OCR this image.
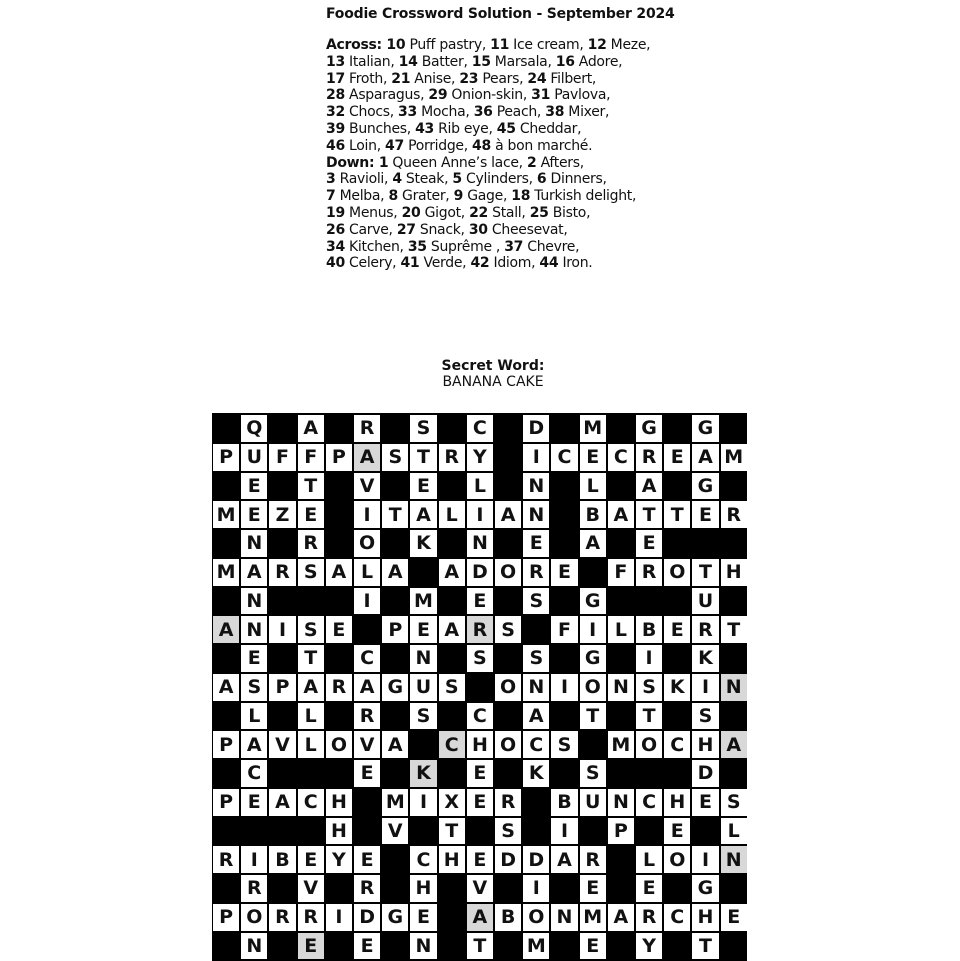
Foodie Crossword Solution - September 2024
Across: 10 Puff pastry, 11 Ice cream, 12 Meze,
13 Italian, 14 Batter, 15 Marsala, 16 Adore,
17 Froth, 21 Anise, 23 Pears, 24 Filbert,
28 Asparagus, 29 Onion-skin, 31 Pavlova,
32 Chocs, 33 Mocha, 36 Peach, 38 Mixer,
39 Bunches, 43 Rib eye, 45 Cheddar,
46 Loin, 47 Porridge, 48 à bon marché.
Down: 1 Queen Anne’s lace, 2 Afters,
3 Ravioli, 4 Steak, 5 Cylinders, 6 Dinners,
7 Melba, 8 Grater, 9 Gage, 18 Turkish delight,
19 Menus, 20 Gigot, 22 Stall, 25 Bisto,
26 Carve, 27 Snack, 30 Cheesevat,
34 Kitchen, 35 Suprême , 37 Chevre,
40 Celery, 41 Verde, 42 Idiom, 44 Iron.
Secret Word:
BANANA CAKE
Q	A	R	S	C	D M G G
P U F F P A S T R Y	I C E C R E A M
E	T	V	E	L	N	L	A	G
M E Z E	I T A L I A N	B A T T E R
N	R	O	K	N	E	A	E
M A R S A L A	A D O R E	F R O T H
N	I	M	E	S	G	U
A N I S E	P E A R S	F I L B E R T
E	T	C	N	S	S	G	I	K
A S P A R A G U S	O N I O N S K I N
L	L	R	S	C	A	T	T	S
P A V L O V A	C H O C S	M O C H A
C	E	K	E	K	S	D
P E A C H M I X E R	B U N C H E S
H	V	T	S	I	P	E	L
R I B E Y E	C H E D D A R	L O I N
R	V	R	H	V	I	E	E	G
P O R R I D G E	A B O N M A R C H E
N	E	E	N	T	M	E	Y	T
